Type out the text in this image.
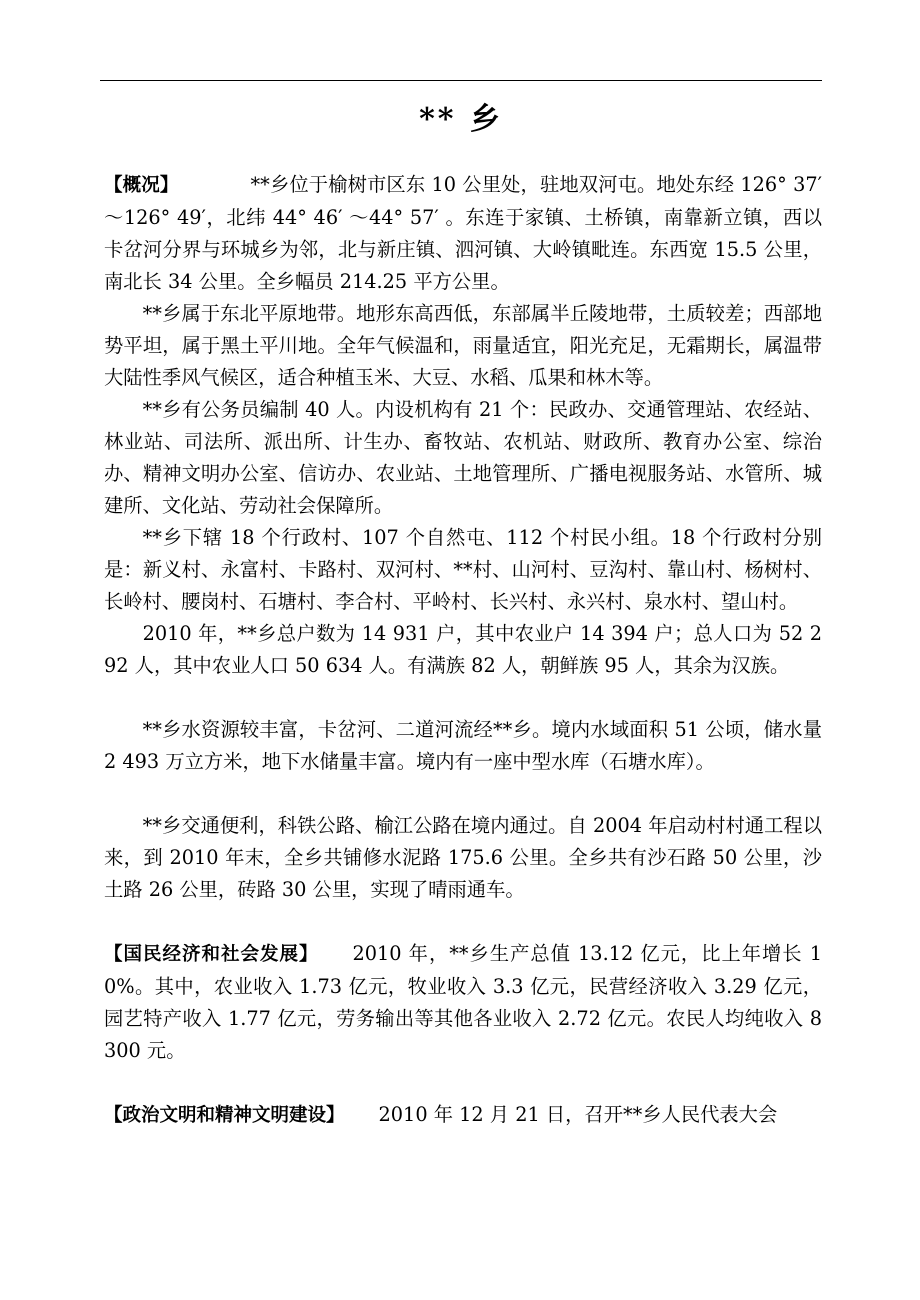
** 乡

【概况】	**乡位于榆树市区东 10 公里处，驻地双河屯。地处东经 126° 37′ ～126° 49′，北纬 44° 46′ ～44° 57′ 。东连于家镇、土桥镇，南靠新立镇，西以卡岔河分界与环城乡为邻，北与新庄镇、泗河镇、大岭镇毗连。东西宽 15.5 公里，南北长 34 公里。全乡幅员 214.25 平方公里。

**乡属于东北平原地带。地形东高西低，东部属半丘陵地带，土质较差；西部地势平坦，属于黑土平川地。全年气候温和，雨量适宜，阳光充足，无霜期长，属温带大陆性季风气候区，适合种植玉米、大豆、水稻、瓜果和林木等。

**乡有公务员编制 40 人。内设机构有 21 个：民政办、交通管理站、农经站、林业站、司法所、派出所、计生办、畜牧站、农机站、财政所、教育办公室、综治办、精神文明办公室、信访办、农业站、土地管理所、广播电视服务站、水管所、城建所、文化站、劳动社会保障所。

**乡下辖 18 个行政村、107 个自然屯、112 个村民小组。18 个行政村分别是：新义村、永富村、卡路村、双河村、**村、山河村、豆沟村、靠山村、杨树村、长岭村、腰岗村、石塘村、李合村、平岭村、长兴村、永兴村、泉水村、望山村。

2010 年，**乡总户数为 14 931 户，其中农业户 14 394 户；总人口为 52 292 人，其中农业人口 50 634 人。有满族 82 人，朝鲜族 95 人，其余为汉族。

**乡水资源较丰富，卡岔河、二道河流经**乡。境内水域面积 51 公顷，储水量 2 493 万立方米，地下水储量丰富。境内有一座中型水库（石塘水库）。

**乡交通便利，科铁公路、榆江公路在境内通过。自 2004 年启动村村通工程以来，到 2010 年末，全乡共铺修水泥路 175.6 公里。全乡共有沙石路 50 公里，沙土路 26 公里，砖路 30 公里，实现了晴雨通车。

【国民经济和社会发展】 2010 年，**乡生产总值 13.12 亿元，比上年增长 10%。其中，农业收入 1.73 亿元，牧业收入 3.3 亿元，民营经济收入 3.29 亿元，园艺特产收入 1.77 亿元，劳务输出等其他各业收入 2.72 亿元。农民人均纯收入 8 300 元。

【政治文明和精神文明建设】 2010 年 12 月 21 日，召开**乡人民代表大会
